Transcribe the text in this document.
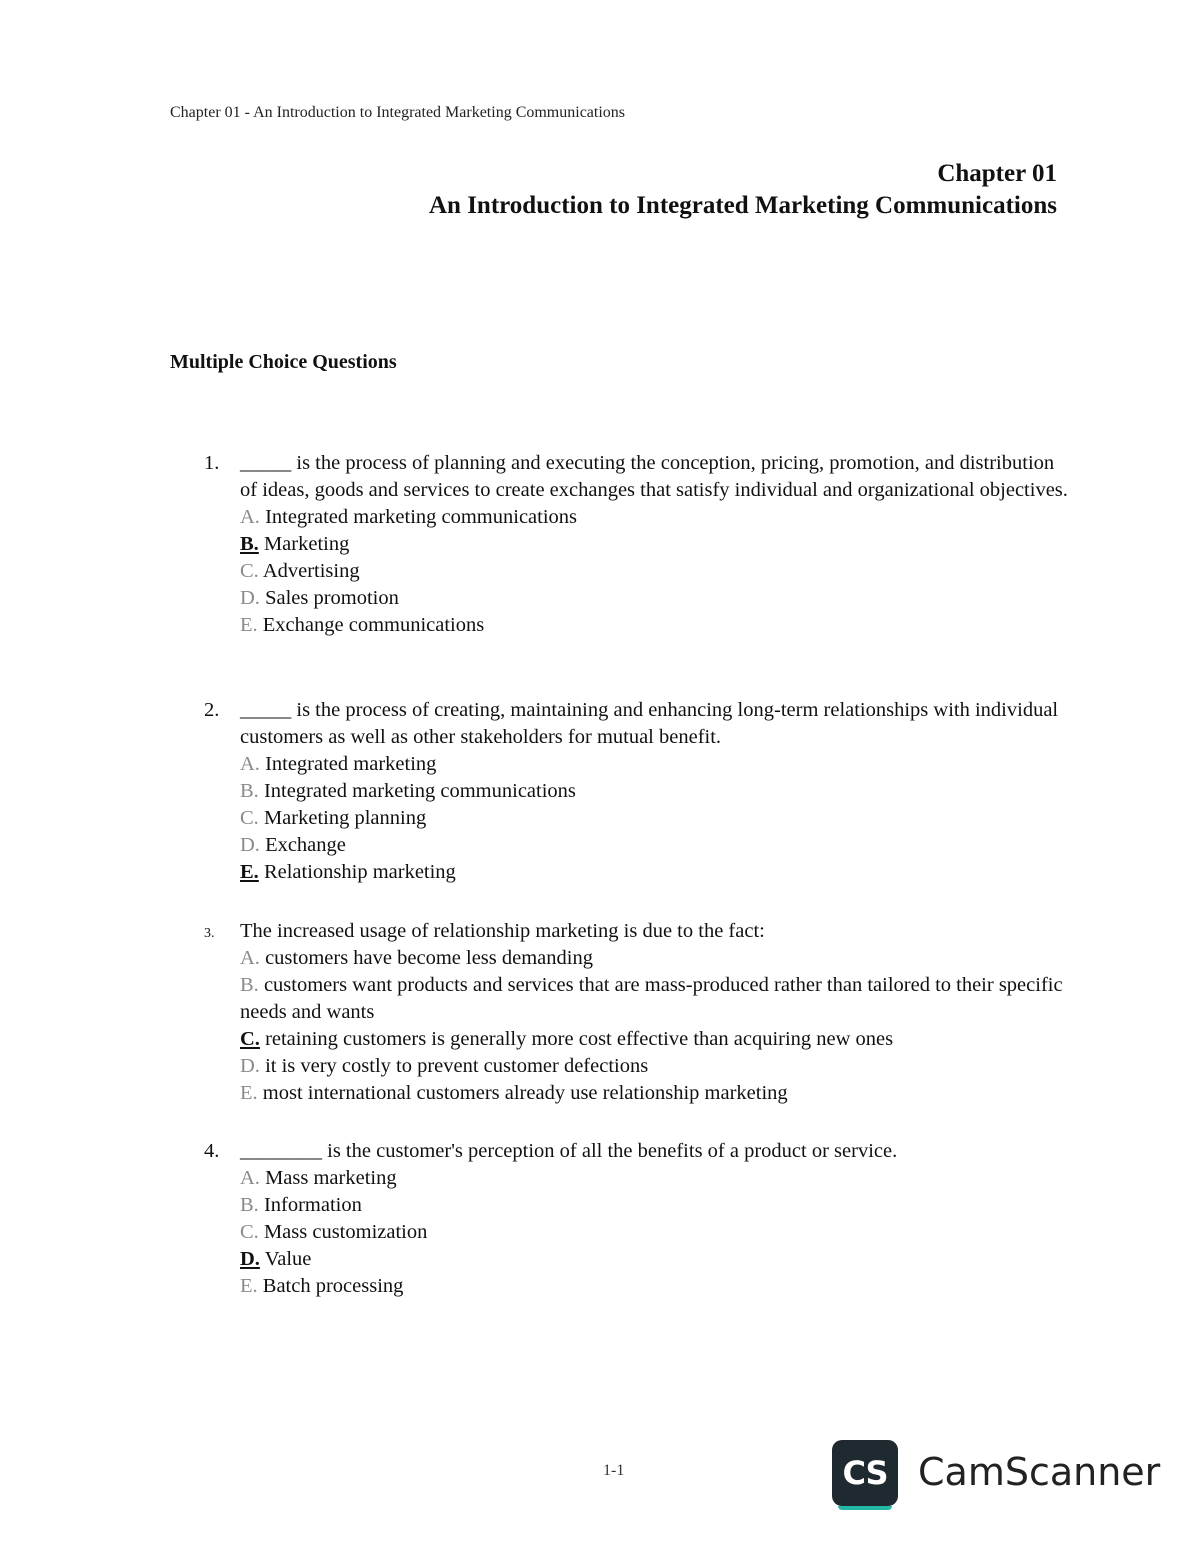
Chapter 01 - An Introduction to Integrated Marketing Communications
Chapter 01
An Introduction to Integrated Marketing Communications
Multiple Choice Questions
1. _____ is the process of planning and executing the conception, pricing, promotion, and distribution of ideas, goods and services to create exchanges that satisfy individual and organizational objectives.
A. Integrated marketing communications
B. Marketing
C. Advertising
D. Sales promotion
E. Exchange communications
2. _____ is the process of creating, maintaining and enhancing long-term relationships with individual customers as well as other stakeholders for mutual benefit.
A. Integrated marketing
B. Integrated marketing communications
C. Marketing planning
D. Exchange
E. Relationship marketing
3. The increased usage of relationship marketing is due to the fact:
A. customers have become less demanding
B. customers want products and services that are mass-produced rather than tailored to their specific needs and wants
C. retaining customers is generally more cost effective than acquiring new ones
D. it is very costly to prevent customer defections
E. most international customers already use relationship marketing
4. ________ is the customer's perception of all the benefits of a product or service.
A. Mass marketing
B. Information
C. Mass customization
D. Value
E. Batch processing
1-1	CS CamScanner
